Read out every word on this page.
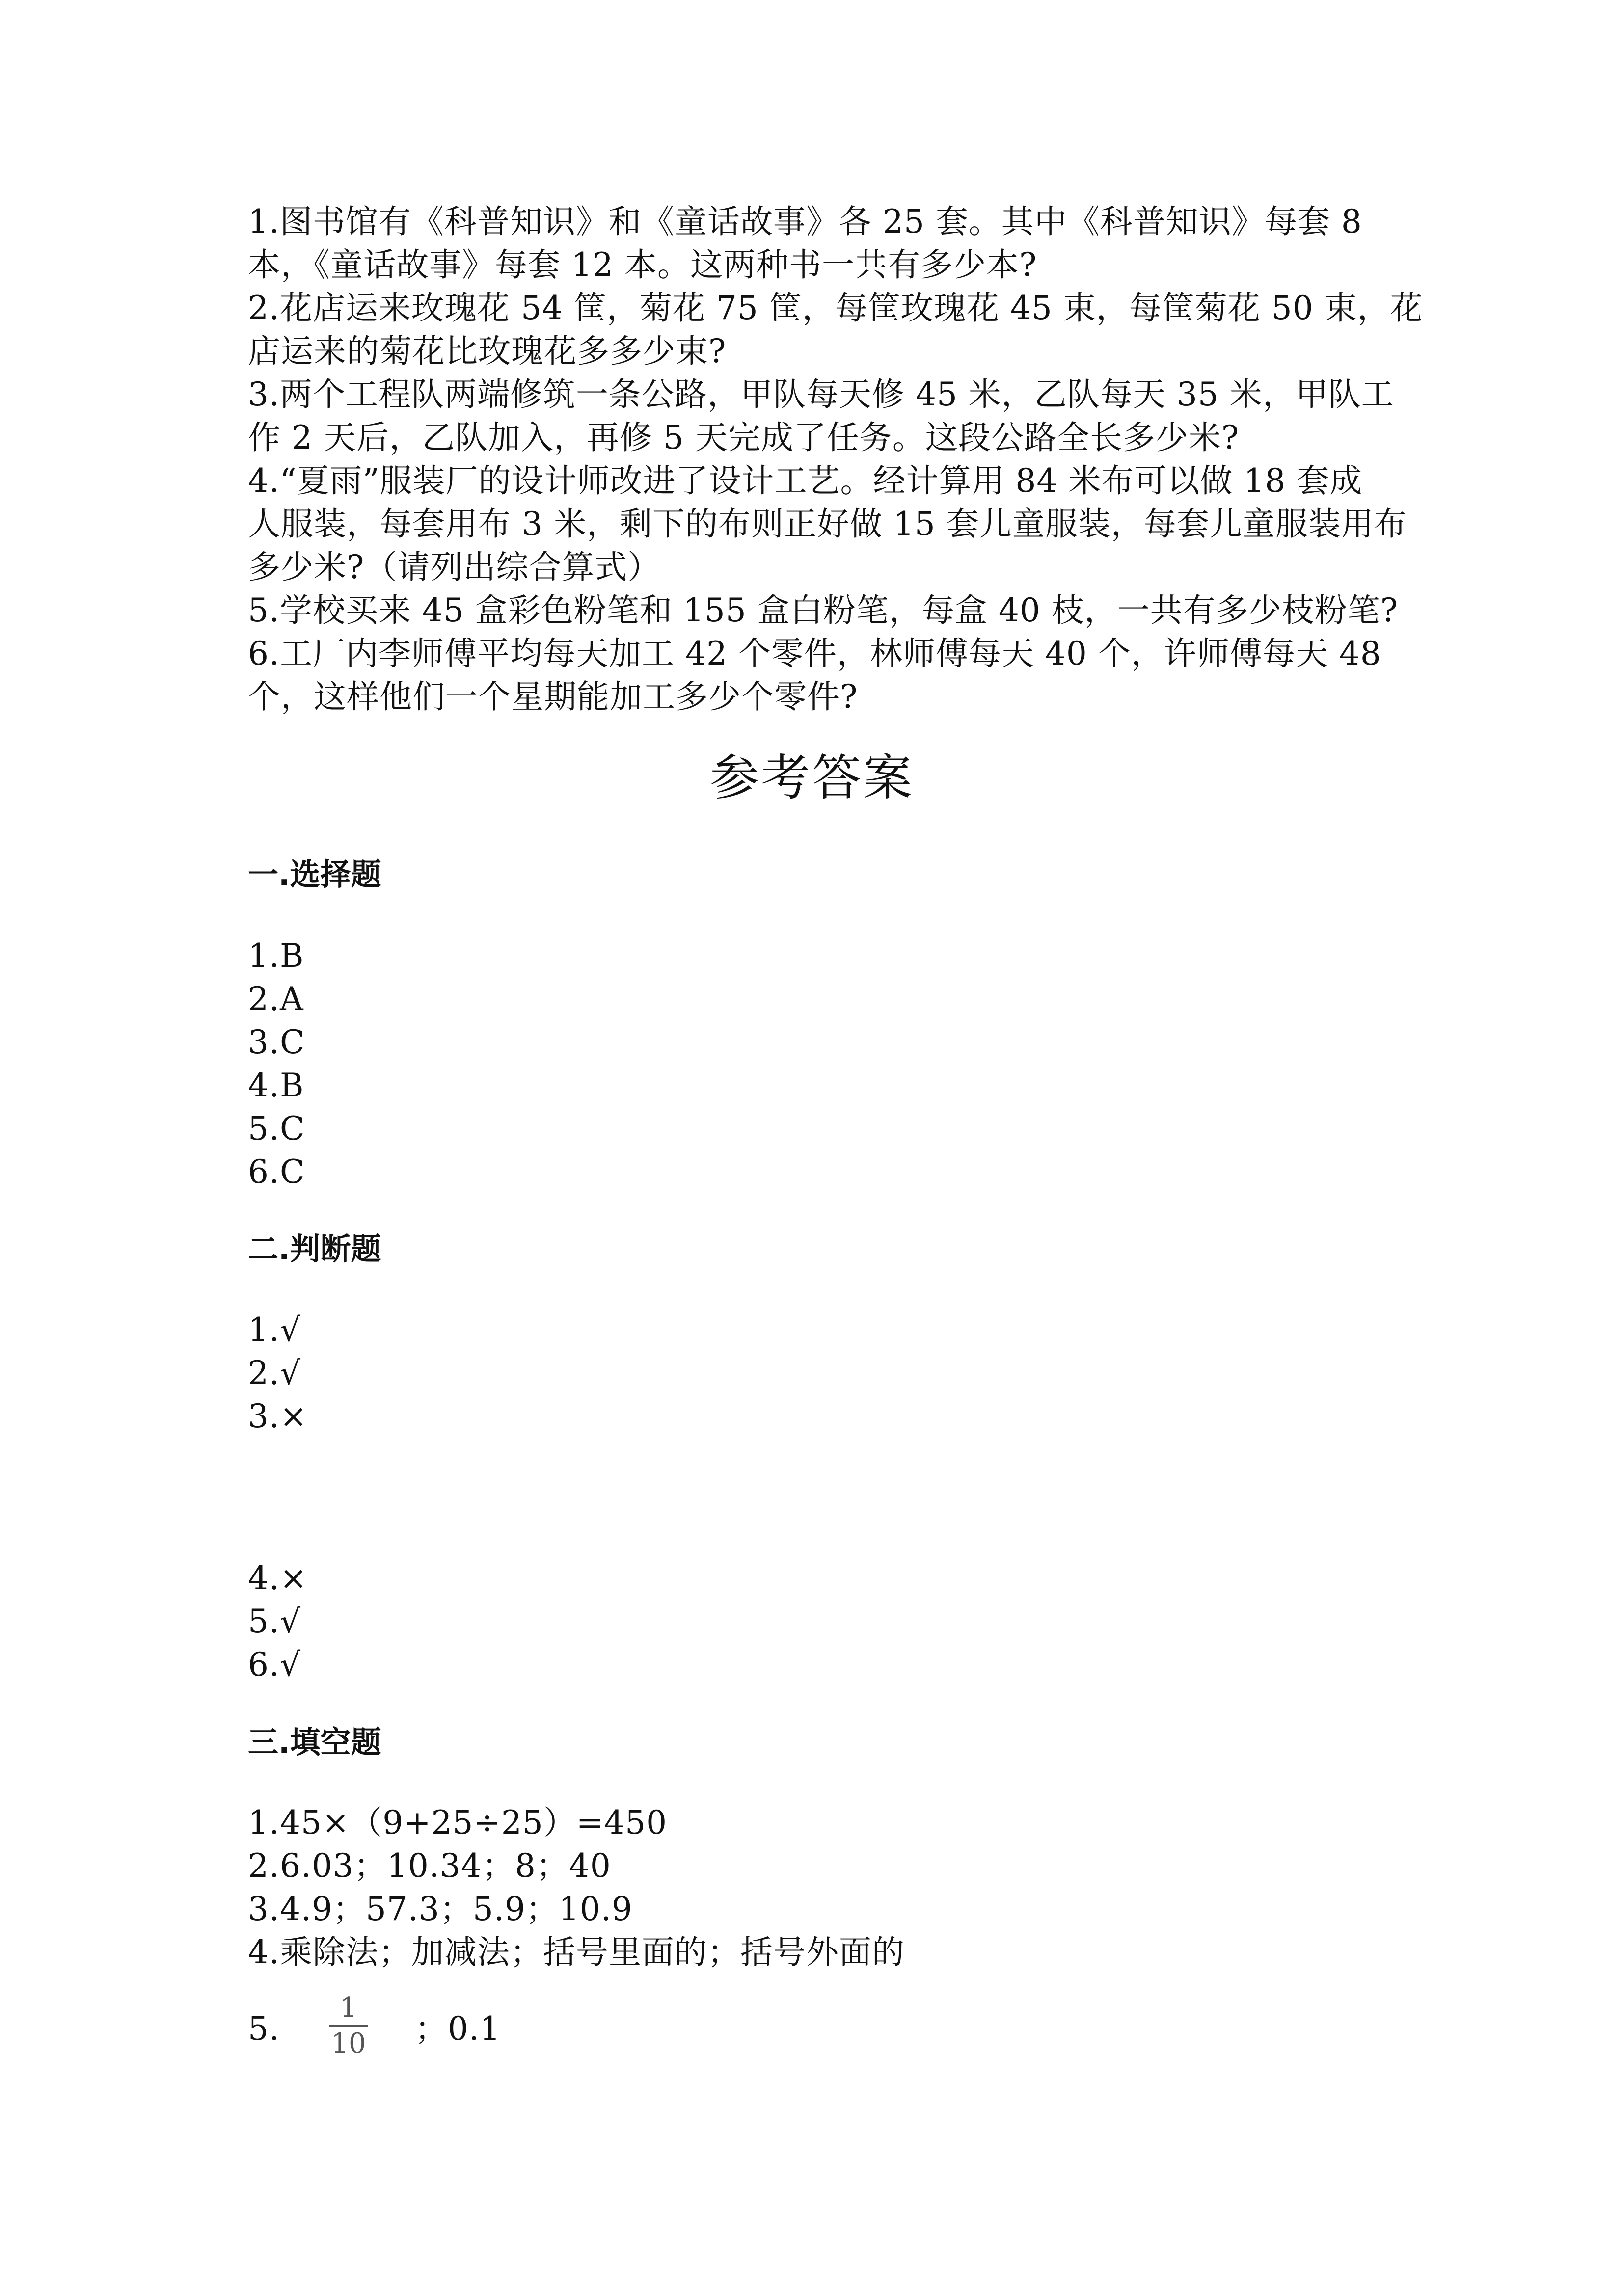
1.图书馆有《科普知识》和《童话故事》各 25 套。其中《科普知识》每套 8
本，《童话故事》每套 12 本。这两种书一共有多少本?
2.花店运来玫瑰花 54 筐，菊花 75 筐，每筐玫瑰花 45 束，每筐菊花 50 束，花
店运来的菊花比玫瑰花多多少束?
3.两个工程队两端修筑一条公路，甲队每天修 45 米，乙队每天 35 米，甲队工
作 2 天后，乙队加入，再修 5 天完成了任务。这段公路全长多少米?
4.“夏雨”服装厂的设计师改进了设计工艺。经计算用 84 米布可以做 18 套成
人服装，每套用布 3 米，剩下的布则正好做 15 套儿童服装，每套儿童服装用布
多少米?（请列出综合算式）
5.学校买来 45 盒彩色粉笔和 155 盒白粉笔，每盒 40 枝，一共有多少枝粉笔?
6.工厂内李师傅平均每天加工 42 个零件，林师傅每天 40 个，许师傅每天 48
个，这样他们一个星期能加工多少个零件?
参考答案
一.选择题
1.B
2.A
3.C
4.B
5.C
6.C
二.判断题
1.√
2.√
3.×
4.×
5.√
6.√
三.填空题
1.45×（9+25÷25）=450
2.6.03；10.34；8；40
3.4.9；57.3；5.9；10.9
4.乘除法；加减法；括号里面的；括号外面的
5.
1
10 ；0.1
